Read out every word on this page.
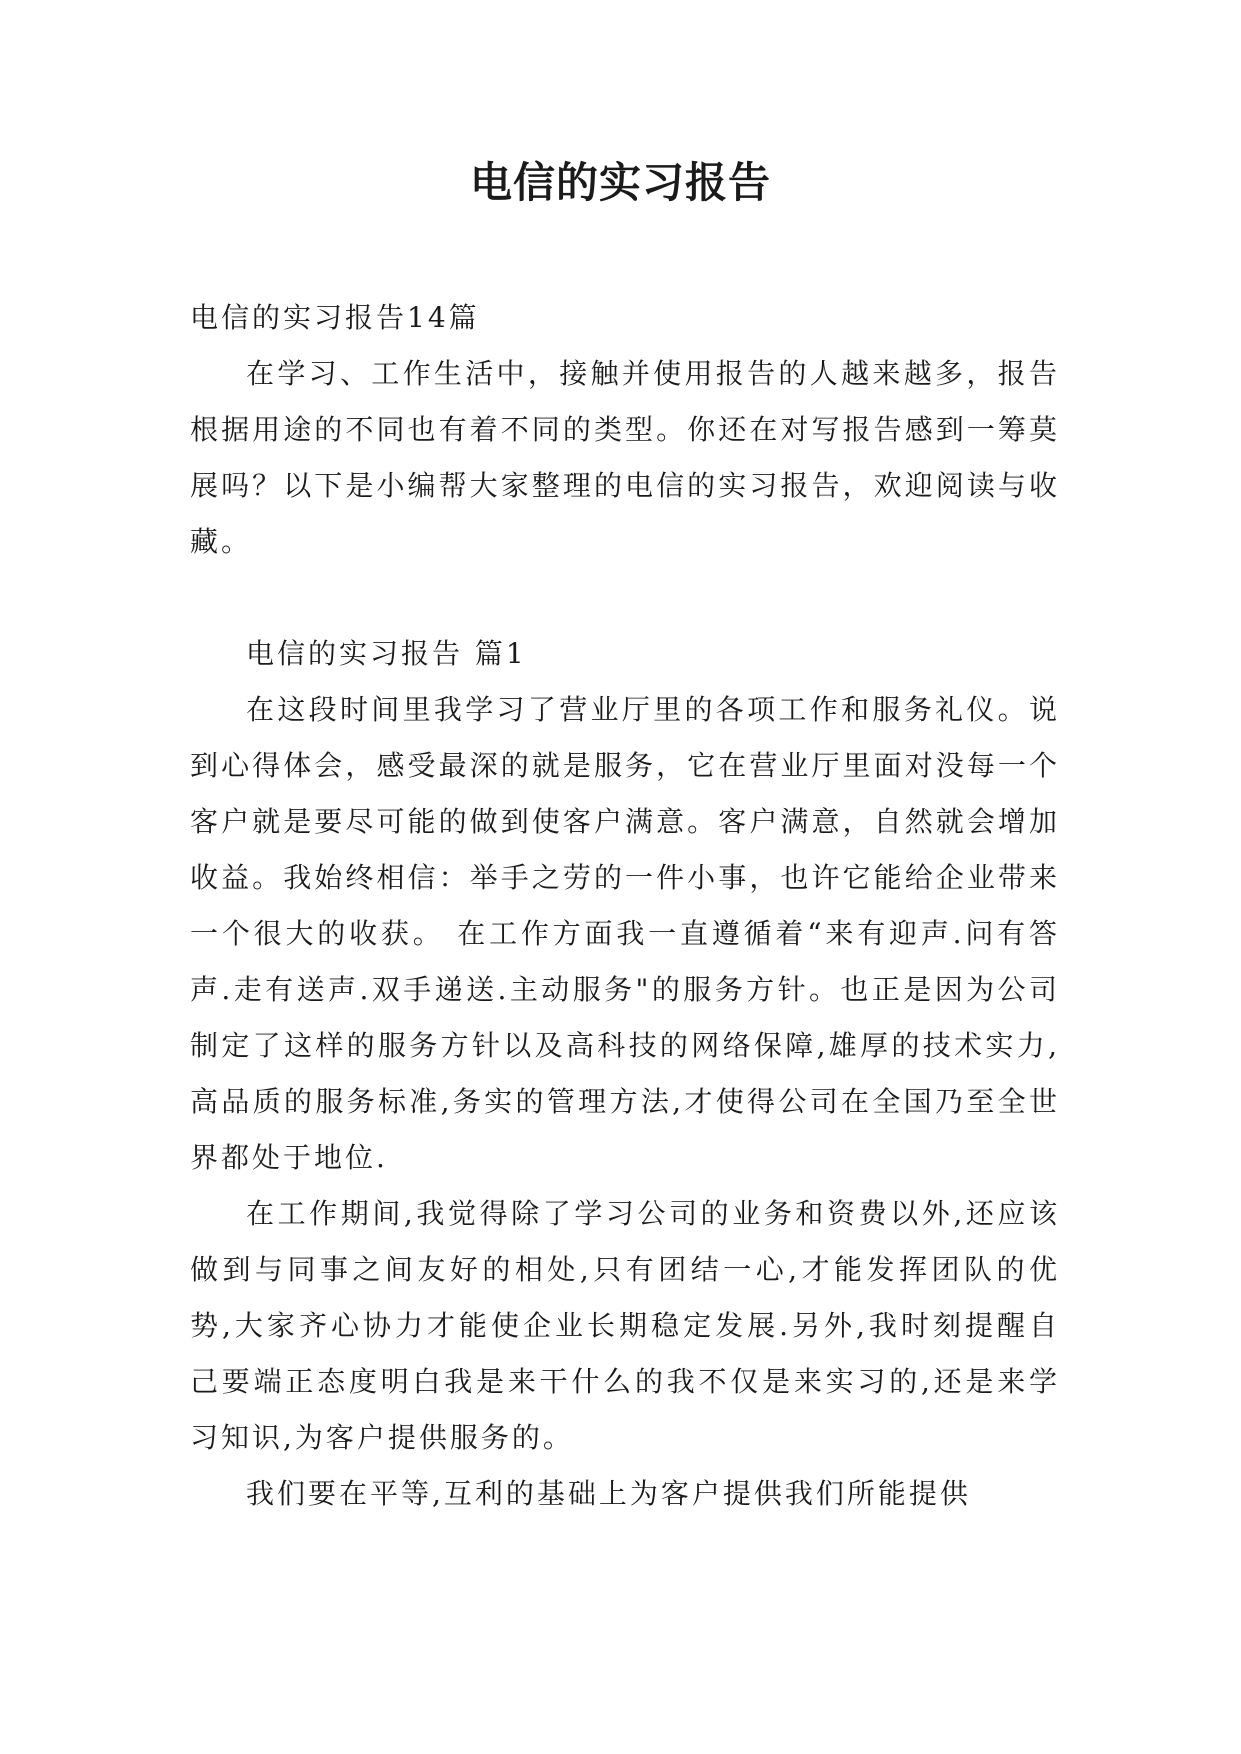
电信的实习报告

电信的实习报告14篇

在学习、工作生活中，接触并使用报告的人越来越多，报告根据用途的不同也有着不同的类型。你还在对写报告感到一筹莫展吗？以下是小编帮大家整理的电信的实习报告，欢迎阅读与收藏。

电信的实习报告 篇1

在这段时间里我学习了营业厅里的各项工作和服务礼仪。说到心得体会，感受最深的就是服务，它在营业厅里面对没每一个客户就是要尽可能的做到使客户满意。客户满意，自然就会增加收益。我始终相信：举手之劳的一件小事，也许它能给企业带来一个很大的收获。 在工作方面我一直遵循着“来有迎声.问有答声.走有送声.双手递送.主动服务"的服务方针。也正是因为公司制定了这样的服务方针以及高科技的网络保障,雄厚的技术实力,高品质的服务标准,务实的管理方法,才使得公司在全国乃至全世界都处于地位.

在工作期间,我觉得除了学习公司的业务和资费以外,还应该做到与同事之间友好的相处,只有团结一心,才能发挥团队的优势,大家齐心协力才能使企业长期稳定发展.另外,我时刻提醒自己要端正态度明白我是来干什么的我不仅是来实习的,还是来学习知识,为客户提供服务的。

我们要在平等,互利的基础上为客户提供我们所能提供
